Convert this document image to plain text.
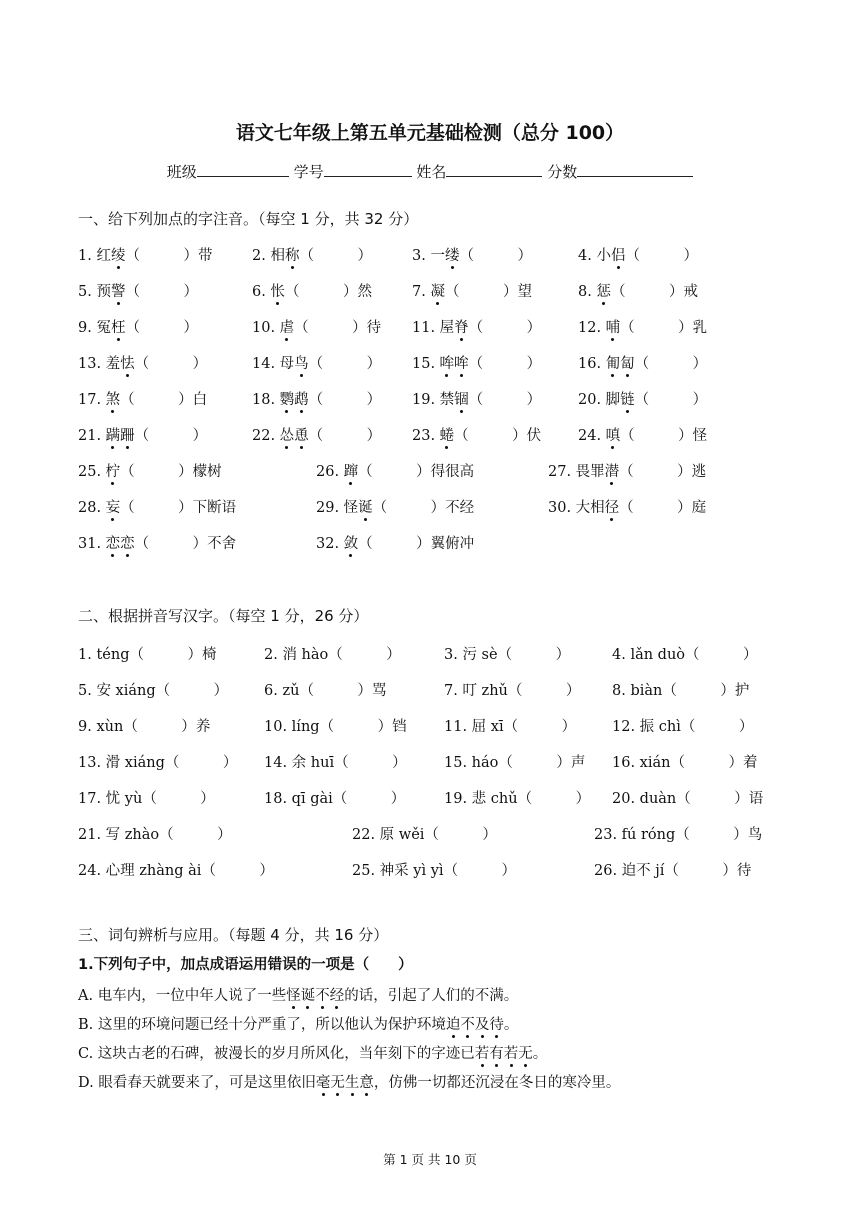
语文七年级上第五单元基础检测（总分 100）
班级	学号	姓名	分数
一、给下列加点的字注音。（每空 1 分，共 32 分）
1. 红绫（   ）带	2. 相称（   ）	3. 一缕（   ）	4. 小侣（   ）
5. 预警（   ）	6. 怅（   ）然	7. 凝（   ）望	8. 惩（   ）戒
9. 冤枉（   ）	10. 虐（   ）待 11. 屋脊（   ）	12. 哺（   ）乳
13. 羞怯（   ）	14. 母鸟（   ） 15. 哞哞（   ）	16. 匍匐（   ）
17. 煞（   ）白	18. 鹦鹉（   ） 19. 禁锢（   ）	20. 脚链（   ）
21. 蹒跚（   ）	22. 怂恿（   ） 23. 蜷（   ）伏	24. 嗔（   ）怪
25. 柠（   ）檬树	26. 蹿（   ）得很高	27. 畏罪潜（   ）逃
28. 妄（   ）下断语	29. 怪诞（   ）不经	30. 大相径（   ）庭
31. 恋恋（   ）不舍	32. 敛（   ）翼俯冲
二、根据拼音写汉字。（每空 1 分，26 分）
1. téng（   ）椅	2. 消 hào（   ）	3. 污 sè（   ）	4. lǎn duò（   ）
5. 安 xiáng（   ） 6. zǔ（   ）骂	7. 叮 zhǔ（   ） 8. biàn（   ）护
9. xùn（   ）养	10. líng（   ）铛	11. 屈 xī（   ） 12. 振 chì（   ）
13. 滑 xiáng（   ） 14. 余 huī（   ）	15. háo（   ）声 16. xián（   ）着
17. 忧 yù（   ）	18. qī gài（   ）	19. 悲 chǔ（   ） 20. duàn（   ）语
21. 写 zhào（   ）	22. 原 wěi（   ）	23. fú róng（   ）鸟
24. 心理 zhàng ài（   ）	25. 神采 yì yì（   ）	26. 迫不 jí（   ）待
三、词句辨析与应用。（每题 4 分，共 16 分）
1.下列句子中，加点成语运用错误的一项是（　　）
A. 电车内，一位中年人说了一些怪诞不经的话，引起了人们的不满。
B. 这里的环境问题已经十分严重了，所以他认为保护环境迫不及待。
C. 这块古老的石碑，被漫长的岁月所风化，当年刻下的字迹已若有若无。
D. 眼看春天就要来了，可是这里依旧毫无生意，仿佛一切都还沉浸在冬日的寒冷里。
第 1 页 共 10 页
